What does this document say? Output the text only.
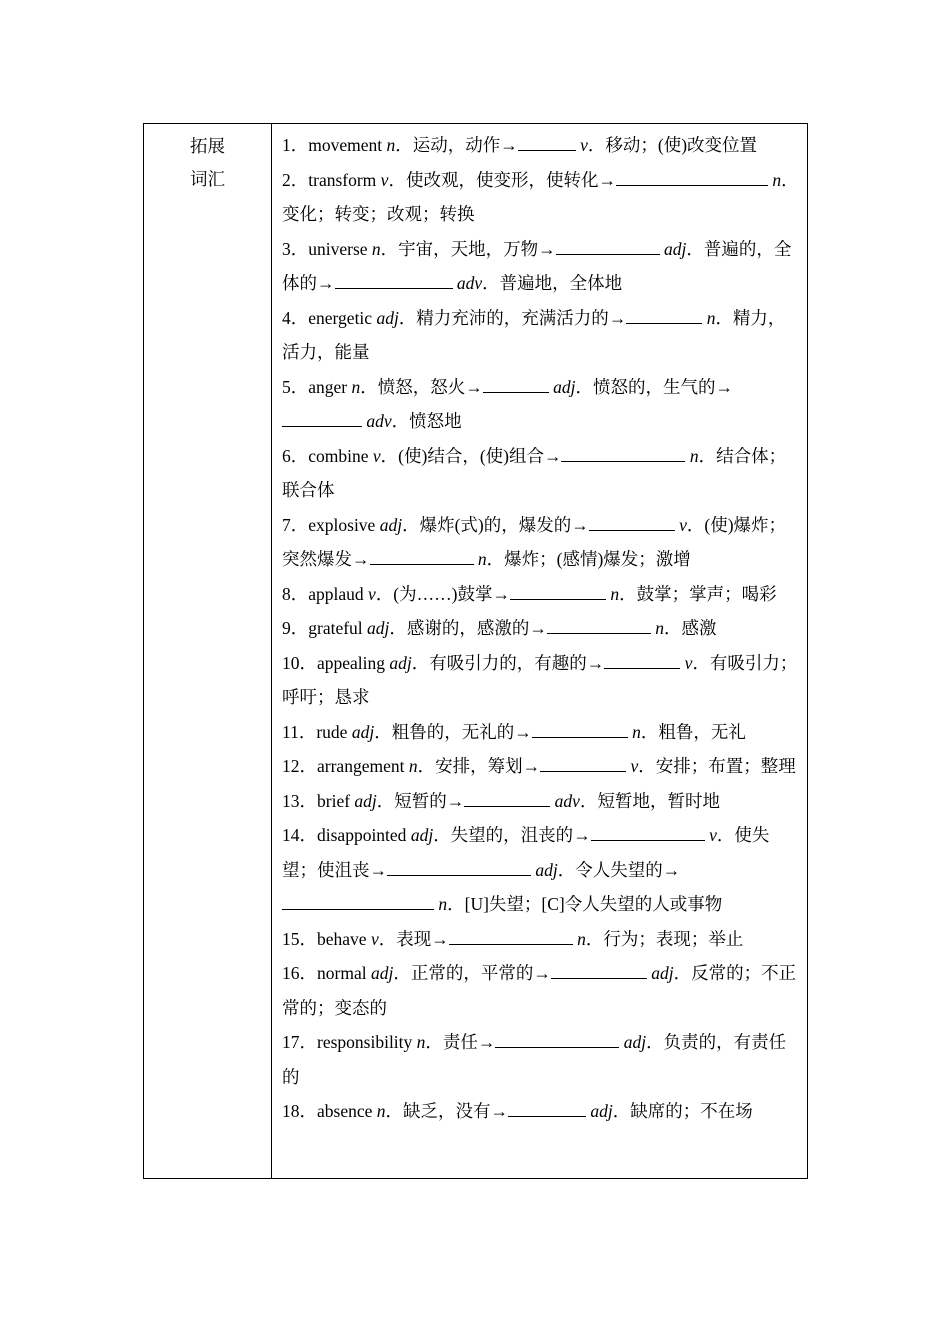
拓展
词汇

1．movement n．运动，动作→	v．移动；(使)改变位置
2．transform v．使改观，使变形，使转化→	n．变化；转变；改观；转换
3．universe n．宇宙，天地，万物→	adj．普遍的，全体的→	adv．普遍地，全体地
4．energetic adj．精力充沛的，充满活力的→	n．精力，活力，能量
5．anger n．愤怒，怒火→	adj．愤怒的，生气的→ adv．愤怒地
6．combine v．(使)结合，(使)组合→	n．结合体；联合体
7．explosive adj．爆炸(式)的，爆发的→	v．(使)爆炸；突然爆发→	n．爆炸；(感情)爆发；激增
8．applaud v．(为……)鼓掌→	n．鼓掌；掌声；喝彩
9．grateful adj．感谢的，感激的→	n．感激
10．appealing adj．有吸引力的，有趣的→	v．有吸引力；呼吁；恳求
11．rude adj．粗鲁的，无礼的→	n．粗鲁，无礼
12．arrangement n．安排，筹划→	v．安排；布置；整理
13．brief adj．短暂的→	adv．短暂地，暂时地
14．disappointed adj．失望的，沮丧的→	v．使失望；使沮丧→	adj．令人失望的→ n．[U]失望；[C]令人失望的人或事物
15．behave v．表现→	n．行为；表现；举止
16．normal adj．正常的，平常的→	adj．反常的；不正常的；变态的
17．responsibility n．责任→	adj．负责的，有责任的
18．absence n．缺乏，没有→	adj．缺席的；不在场
